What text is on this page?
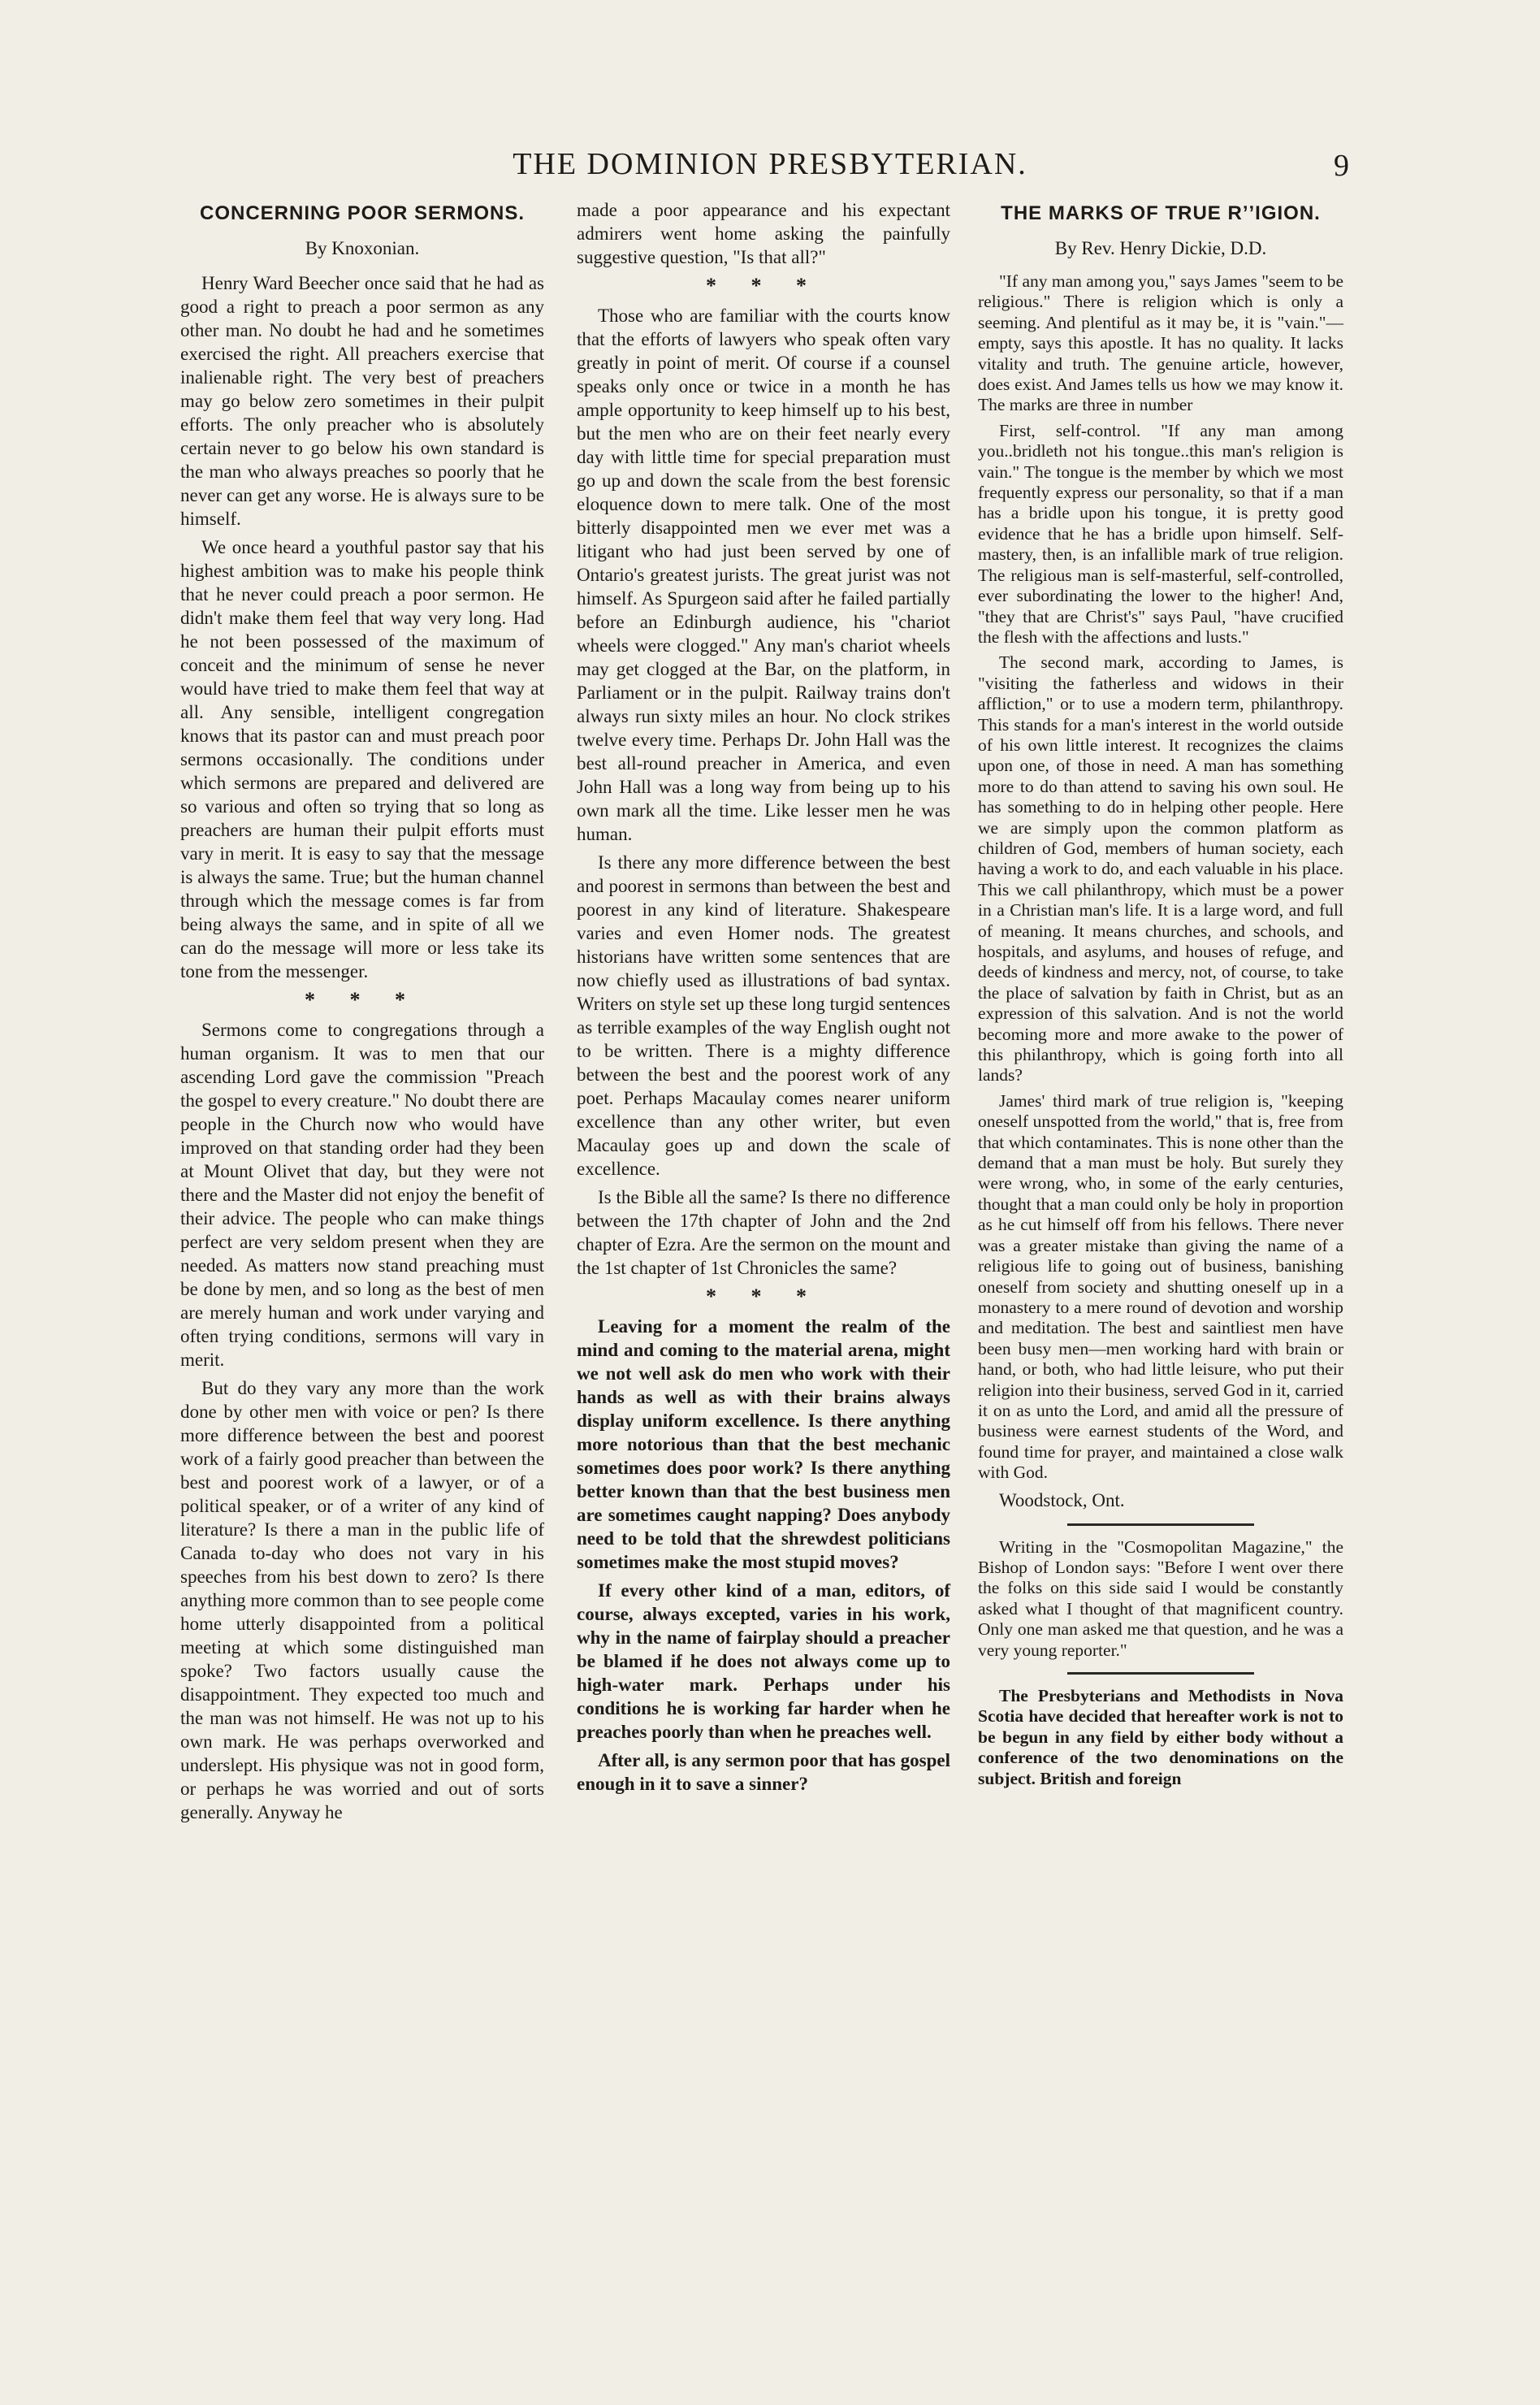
THE DOMINION PRESBYTERIAN.	9
CONCERNING POOR SERMONS.
By Knoxonian.

Henry Ward Beecher once said that he had as good a right to preach a poor sermon as any other man. No doubt he had and he sometimes exercised the right. All preachers exercise that inalienable right. The very best of preachers may go below zero sometimes in their pulpit efforts. The only preacher who is absolutely certain never to go below his own standard is the man who always preaches so poorly that he never can get any worse. He is always sure to be himself.

We once heard a youthful pastor say that his highest ambition was to make his people think that he never could preach a poor sermon. He didn't make them feel that way very long. Had he not been possessed of the maximum of conceit and the minimum of sense he never would have tried to make them feel that way at all. Any sensible, intelligent congregation knows that its pastor can and must preach poor sermons occasionally. The conditions under which sermons are prepared and delivered are so various and often so trying that so long as preachers are human their pulpit efforts must vary in merit. It is easy to say that the message is always the same. True; but the human channel through which the message comes is far from being always the same, and in spite of all we can do the message will more or less take its tone from the messenger.

* * *

Sermons come to congregations through a human organism. It was to men that our ascending Lord gave the commission "Preach the gospel to every creature." No doubt there are people in the Church now who would have improved on that standing order had they been at Mount Olivet that day, but they were not there and the Master did not enjoy the benefit of their advice. The people who can make things perfect are very seldom present when they are needed. As matters now stand preaching must be done by men, and so long as the best of men are merely human and work under varying and often trying conditions, sermons will vary in merit.

But do they vary any more than the work done by other men with voice or pen? Is there more difference between the best and poorest work of a fairly good preacher than between the best and poorest work of a lawyer, or of a political speaker, or of a writer of any kind of literature? Is there a man in the public life of Canada to-day who does not vary in his speeches from his best down to zero? Is there anything more common than to see people come home utterly disappointed from a political meeting at which some distinguished man spoke? Two factors usually cause the disappointment. They expected too much and the man was not himself. He was not up to his own mark. He was perhaps overworked and underslept. His physique was not in good form, or perhaps he was worried and out of sorts generally. Anyway he

made a poor appearance and his expectant admirers went home asking the painfully suggestive question, "Is that all?"

* * *

Those who are familiar with the courts know that the efforts of lawyers who speak often vary greatly in point of merit. Of course if a counsel speaks only once or twice in a month he has ample opportunity to keep himself up to his best, but the men who are on their feet nearly every day with little time for special preparation must go up and down the scale from the best forensic eloquence down to mere talk. One of the most bitterly disappointed men we ever met was a litigant who had just been served by one of Ontario's greatest jurists. The great jurist was not himself. As Spurgeon said after he failed partially before an Edinburgh audience, his "chariot wheels were clogged." Any man's chariot wheels may get clogged at the Bar, on the platform, in Parliament or in the pulpit. Railway trains don't always run sixty miles an hour. No clock strikes twelve every time. Perhaps Dr. John Hall was the best all-round preacher in America, and even John Hall was a long way from being up to his own mark all the time. Like lesser men he was human.

Is there any more difference between the best and poorest in sermons than between the best and poorest in any kind of literature. Shakespeare varies and even Homer nods. The greatest historians have written some sentences that are now chiefly used as illustrations of bad syntax. Writers on style set up these long turgid sentences as terrible examples of the way English ought not to be written. There is a mighty difference between the best and the poorest work of any poet. Perhaps Macaulay comes nearer uniform excellence than any other writer, but even Macaulay goes up and down the scale of excellence.

Is the Bible all the same? Is there no difference between the 17th chapter of John and the 2nd chapter of Ezra. Are the sermon on the mount and the 1st chapter of 1st Chronicles the same?

* * *

Leaving for a moment the realm of the mind and coming to the material arena, might we not well ask do men who work with their hands as well as with their brains always display uniform excellence. Is there anything more notorious than that the best mechanic sometimes does poor work? Is there anything better known than that the best business men are sometimes caught napping? Does anybody need to be told that the shrewdest politicians sometimes make the most stupid moves?

If every other kind of a man, editors, of course, always excepted, varies in his work, why in the name of fairplay should a preacher be blamed if he does not always come up to high-water mark. Perhaps under his conditions he is working far harder when he preaches poorly than when he preaches well.

After all, is any sermon poor that has gospel enough in it to save a sinner?

THE MARKS OF TRUE RʼʼIGION.
By Rev. Henry Dickie, D.D.

"If any man among you," says James "seem to be religious." There is religion which is only a seeming. And plentiful as it may be, it is "vain."—empty, says this apostle. It has no quality. It lacks vitality and truth. The genuine article, however, does exist. And James tells us how we may know it. The marks are three in number

First, self-control. "If any man among you..bridleth not his tongue..this man's religion is vain." The tongue is the member by which we most frequently express our personality, so that if a man has a bridle upon his tongue, it is pretty good evidence that he has a bridle upon himself. Self-mastery, then, is an infallible mark of true religion. The religious man is self-masterful, self-controlled, ever subordinating the lower to the higher! And, "they that are Christ's" says Paul, "have crucified the flesh with the affections and lusts."

The second mark, according to James, is "visiting the fatherless and widows in their affliction," or to use a modern term, philanthropy. This stands for a man's interest in the world outside of his own little interest. It recognizes the claims upon one, of those in need. A man has something more to do than attend to saving his own soul. He has something to do in helping other people. Here we are simply upon the common platform as children of God, members of human society, each having a work to do, and each valuable in his place. This we call philanthropy, which must be a power in a Christian man's life. It is a large word, and full of meaning. It means churches, and schools, and hospitals, and asylums, and houses of refuge, and deeds of kindness and mercy, not, of course, to take the place of salvation by faith in Christ, but as an expression of this salvation. And is not the world becoming more and more awake to the power of this philanthropy, which is going forth into all lands?

James' third mark of true religion is, "keeping oneself unspotted from the world," that is, free from that which contaminates. This is none other than the demand that a man must be holy. But surely they were wrong, who, in some of the early centuries, thought that a man could only be holy in proportion as he cut himself off from his fellows. There never was a greater mistake than giving the name of a religious life to going out of business, banishing oneself from society and shutting oneself up in a monastery to a mere round of devotion and worship and meditation. The best and saintliest men have been busy men—men working hard with brain or hand, or both, who had little leisure, who put their religion into their business, served God in it, carried it on as unto the Lord, and amid all the pressure of business were earnest students of the Word, and found time for prayer, and maintained a close walk with God.

Woodstock, Ont.

Writing in the "Cosmopolitan Magazine," the Bishop of London says: "Before I went over there the folks on this side said I would be constantly asked what I thought of that magnificent country. Only one man asked me that question, and he was a very young reporter."

The Presbyterians and Methodists in Nova Scotia have decided that hereafter work is not to be begun in any field by either body without a conference of the two denominations on the subject. British and foreign
